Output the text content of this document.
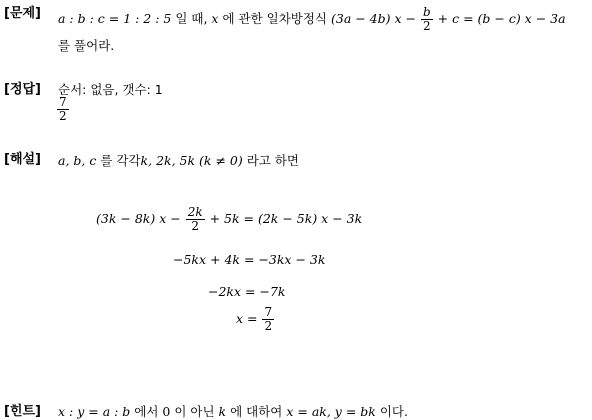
[문제] a : b : c = 1 : 2 : 5 일 때, x 에 관한 일차방정식 (3a − 4b) $x - \frac{b}{2} + c = (b - c) x - 3a$
를 풀어라.
[정답] 순서: 없음, 갯수: 1
$\frac{7}{2}$
[해설] a, b, c 를 각각k, 2k, 5k (k ≠ 0) 라고 하면
(3k − 8k) $x - \frac{2k}{2} + 5k = (2k - 5k) x - 3k$
−5kx + 4k = −3kx − 3k
−2kx = −7k
$x = \frac{7}{2}$
[힌트] x : y = a : b 에서 0 이 아닌 k 에 대하여 x = ak, y = bk 이다.
